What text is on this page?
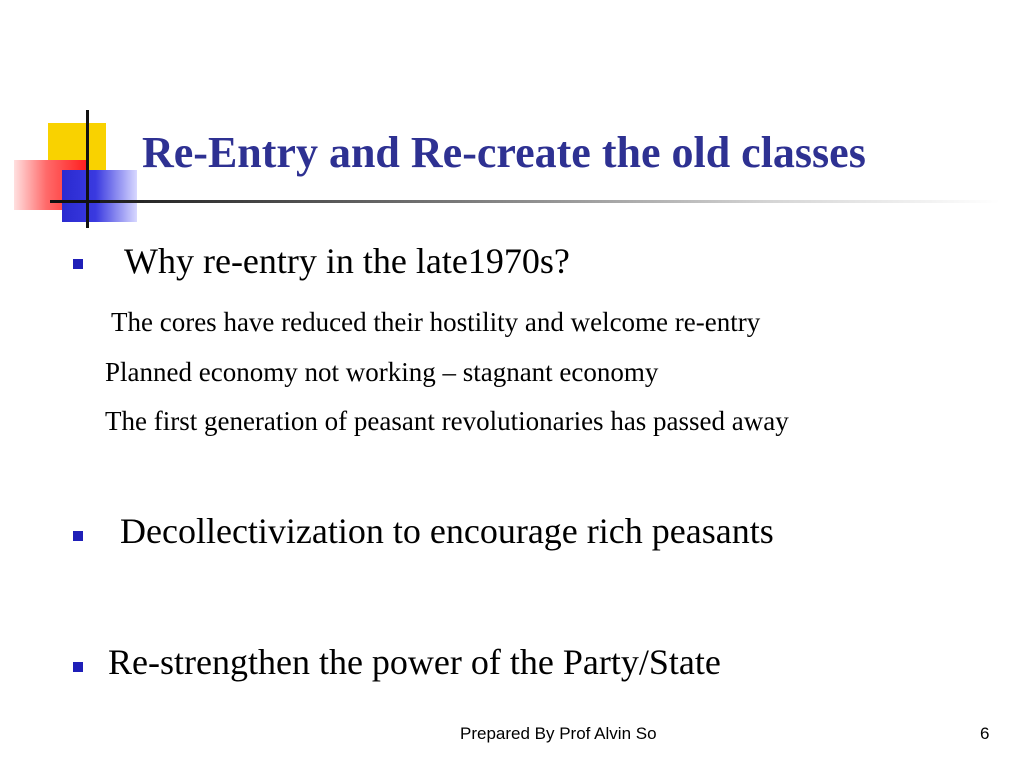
Re-Entry and Re-create the old classes
Why re-entry in the late1970s?
The cores have reduced their hostility and welcome re-entry
Planned economy not working – stagnant economy
The first generation of peasant revolutionaries has passed away
Decollectivization to encourage rich peasants
Re-strengthen the power of the Party/State
Prepared By Prof Alvin So	6
